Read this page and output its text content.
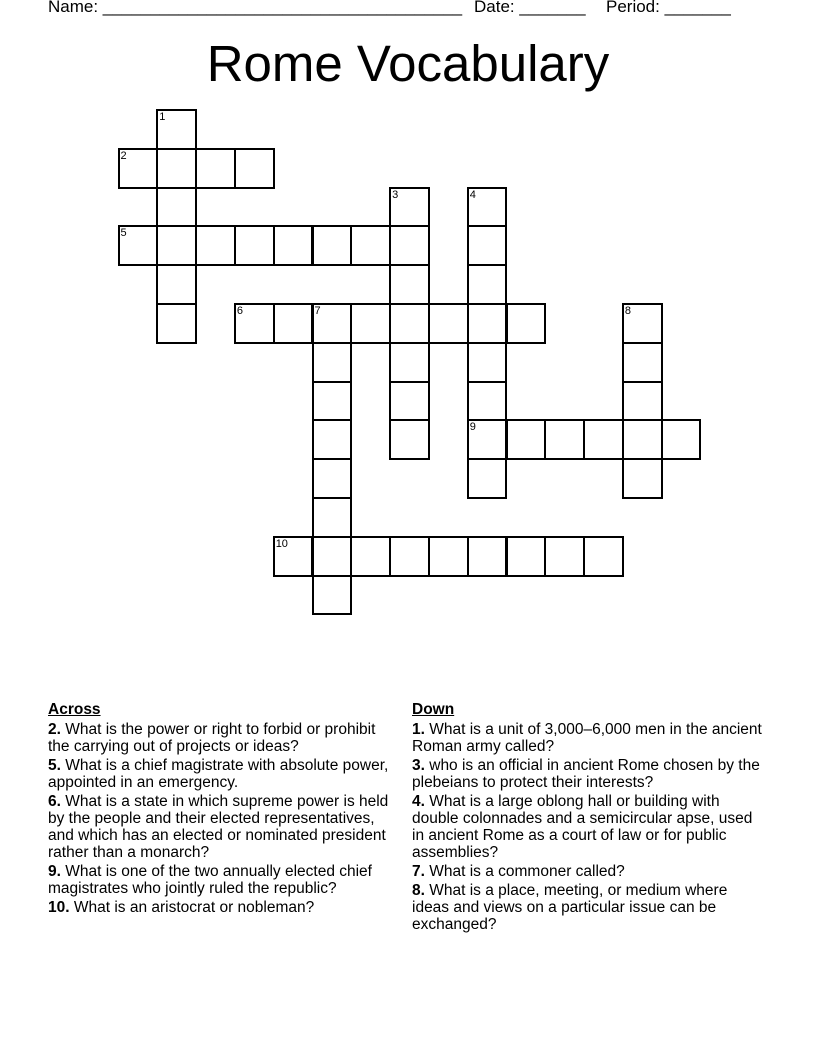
Name: ______________________________________ Date: _______ Period: _______
Rome Vocabulary
1
2
3	4
9
5
6	7	8
10
Across
2. What is the power or right to forbid or prohibit the carrying out of projects or ideas?
5. What is a chief magistrate with absolute power, appointed in an emergency.
6. What is a state in which supreme power is held by the people and their elected representatives, and which has an elected or nominated president rather than a monarch?
9. What is one of the two annually elected chief magistrates who jointly ruled the republic?
10. What is an aristocrat or nobleman?
Down
1. What is a unit of 3,000–6,000 men in the ancient Roman army called?
3. who is an official in ancient Rome chosen by the plebeians to protect their interests?
4. What is a large oblong hall or building with double colonnades and a semicircular apse, used in ancient Rome as a court of law or for public assemblies?
7. What is a commoner called?
8. What is a place, meeting, or medium where ideas and views on a particular issue can be exchanged?
